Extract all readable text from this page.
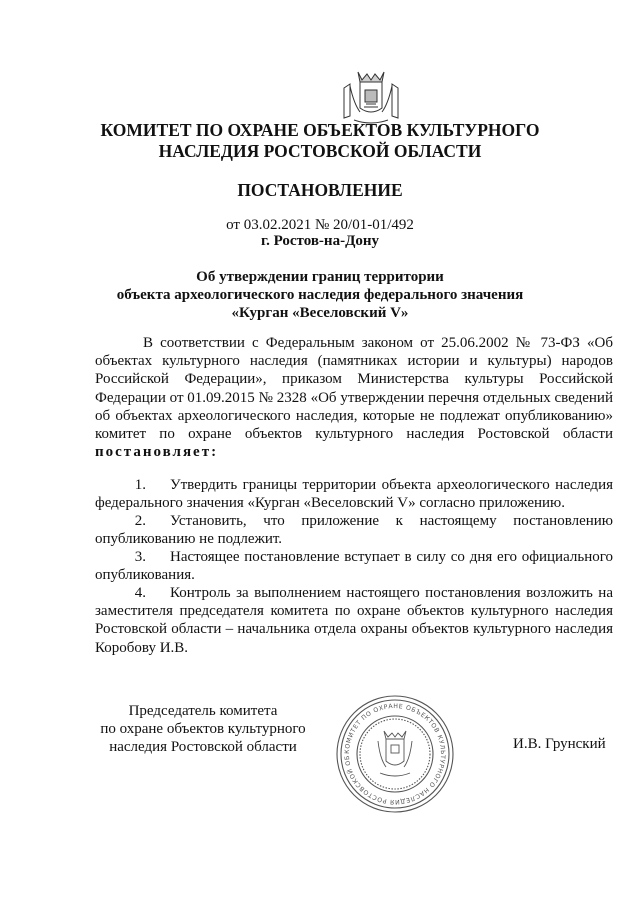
КОМИТЕТ ПО ОХРАНЕ ОБЪЕКТОВ КУЛЬТУРНОГО
НАСЛЕДИЯ РОСТОВСКОЙ ОБЛАСТИ
ПОСТАНОВЛЕНИЕ
от 03.02.2021 № 20/01-01/492
г. Ростов-на-Дону
Об утверждении границ территории
объекта археологического наследия федерального значения
«Курган «Веселовский V»
В соответствии с Федеральным законом от 25.06.2002 № 73-ФЗ «Об объектах культурного наследия (памятниках истории и культуры) народов Российской Федерации», приказом Министерства культуры Российской Федерации от 01.09.2015 № 2328 «Об утверждении перечня отдельных сведений об объектах археологического наследия, которые не подлежат опубликованию» комитет по охране объектов культурного наследия Ростовской области постановляет:
1. Утвердить границы территории объекта археологического наследия федерального значения «Курган «Веселовский V» согласно приложению.
2. Установить, что приложение к настоящему постановлению опубликованию не подлежит.
3. Настоящее постановление вступает в силу со дня его официального опубликования.
4. Контроль за выполнением настоящего постановления возложить на заместителя председателя комитета по охране объектов культурного наследия Ростовской области – начальника отдела охраны объектов культурного наследия Коробову И.В.
Председатель комитета
по охране объектов культурного
наследия Ростовской области	КОМИТЕТ ПО ОХРАНЕ ОБЪЕКТОВ КУЛЬТУРНОГО НАСЛЕДИЯ РОСТОВСКОЙ ОБ
И.В. Грунский
